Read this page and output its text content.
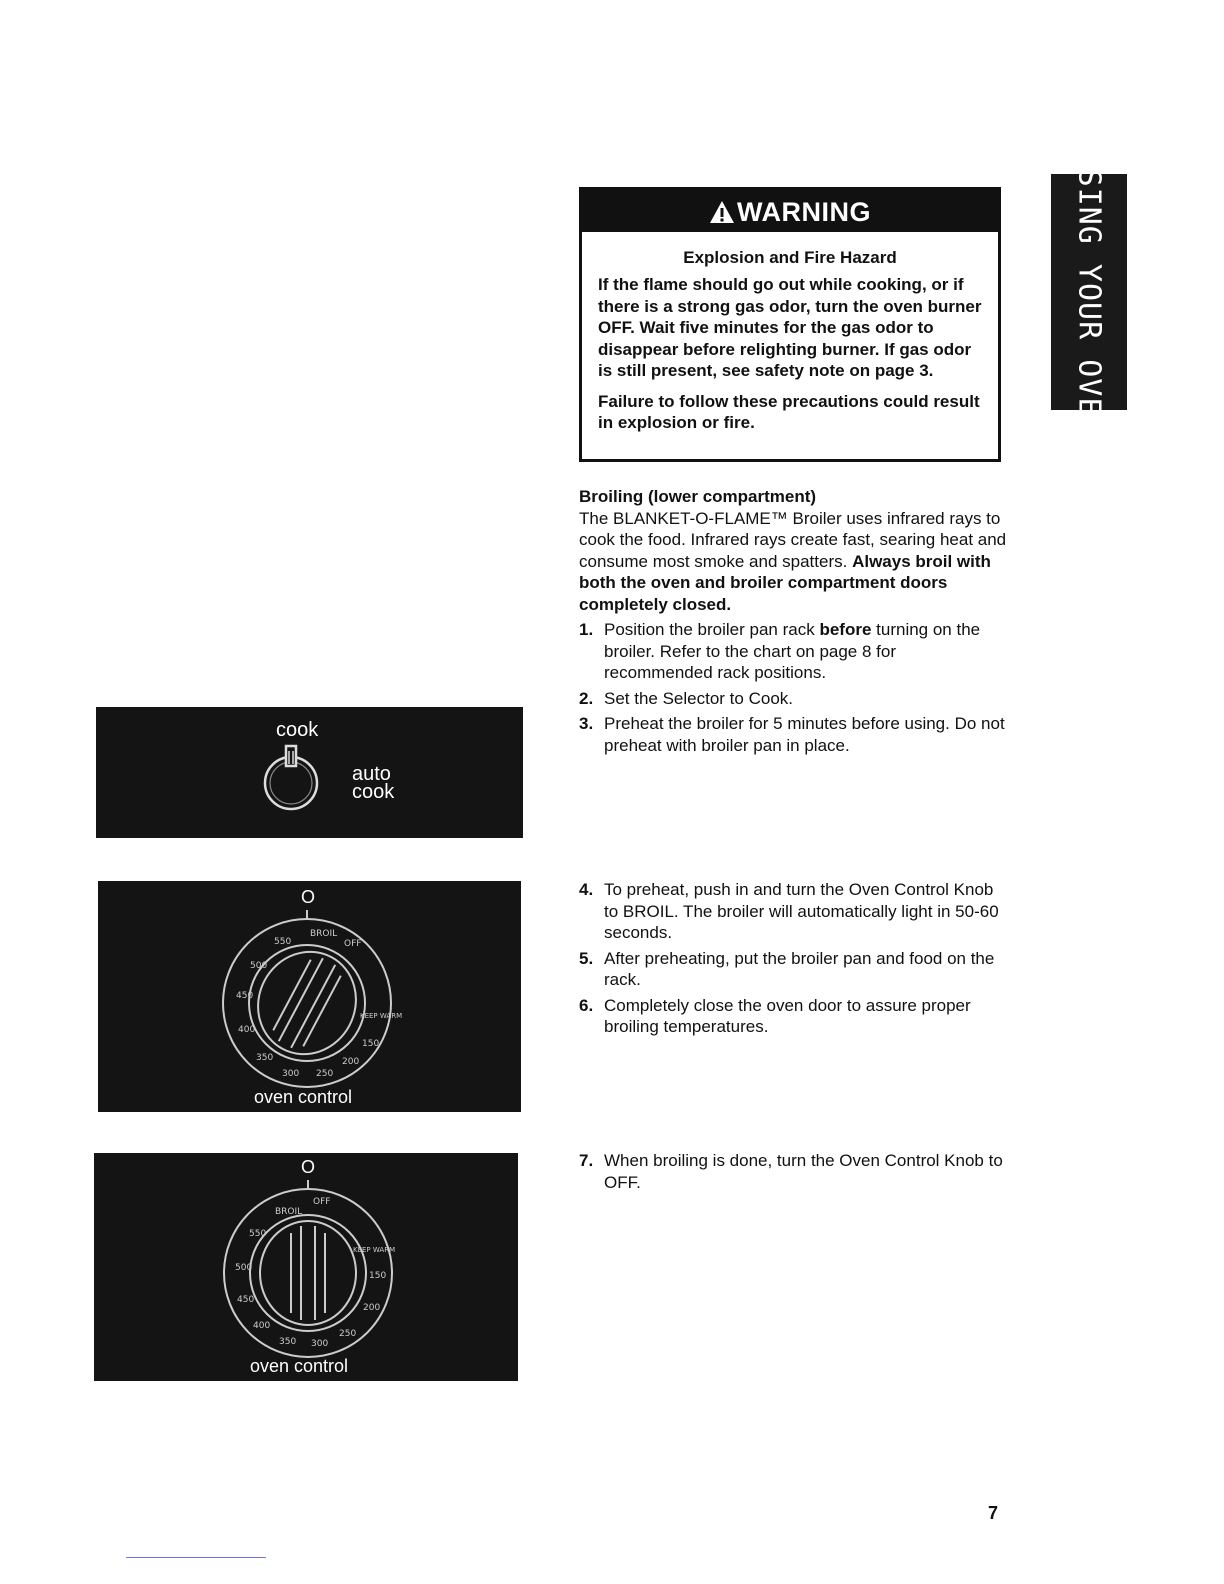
USING YOUR OVEN
WARNING
Explosion and Fire Hazard
If the flame should go out while cooking, or if there is a strong gas odor, turn the oven burner OFF. Wait five minutes for the gas odor to disappear before relighting burner. If gas odor is still present, see safety note on page 3.
Failure to follow these precautions could result in explosion or fire.
Broiling (lower compartment)
The BLANKET-O-FLAME™ Broiler uses infrared rays to cook the food. Infrared rays create fast, searing heat and consume most smoke and spatters. Always broil with both the oven and broiler compartment doors completely closed.
1. Position the broiler pan rack before turning on the broiler. Refer to the chart on page 8 for recommended rack positions.
2. Set the Selector to Cook.
3. Preheat the broiler for 5 minutes before using. Do not preheat with broiler pan in place.
4. To preheat, push in and turn the Oven Control Knob to BROIL. The broiler will automatically light in 50-60 seconds.
5. After preheating, put the broiler pan and food on the rack.
6. Completely close the oven door to assure proper broiling temperatures.
7. When broiling is done, turn the Oven Control Knob to OFF.
cook
auto
cook
O
BROIL
OFF
550
500
450
400
350
300 250
200
150
KEEP WARM
oven control
O
BROIL
OFF
550
500
450
400
350 300
250
200
150
KEEP WARM
oven control
7
